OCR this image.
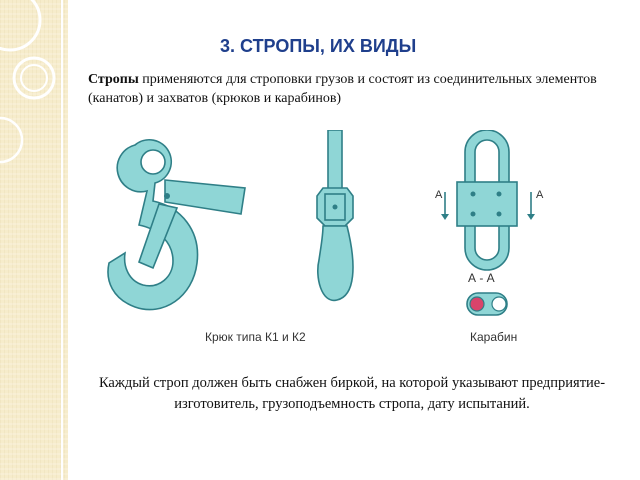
3. СТРОПЫ, ИХ ВИДЫ
Стропы применяются для строповки грузов и состоят из соединительных элементов (канатов) и захватов (крюков и карабинов)
А	А
А - А
Крюк типа К1 и К2	Карабин
Каждый строп должен быть снабжен биркой, на которой указывают предприятие-изготовитель, грузоподъемность стропа, дату испытаний.
